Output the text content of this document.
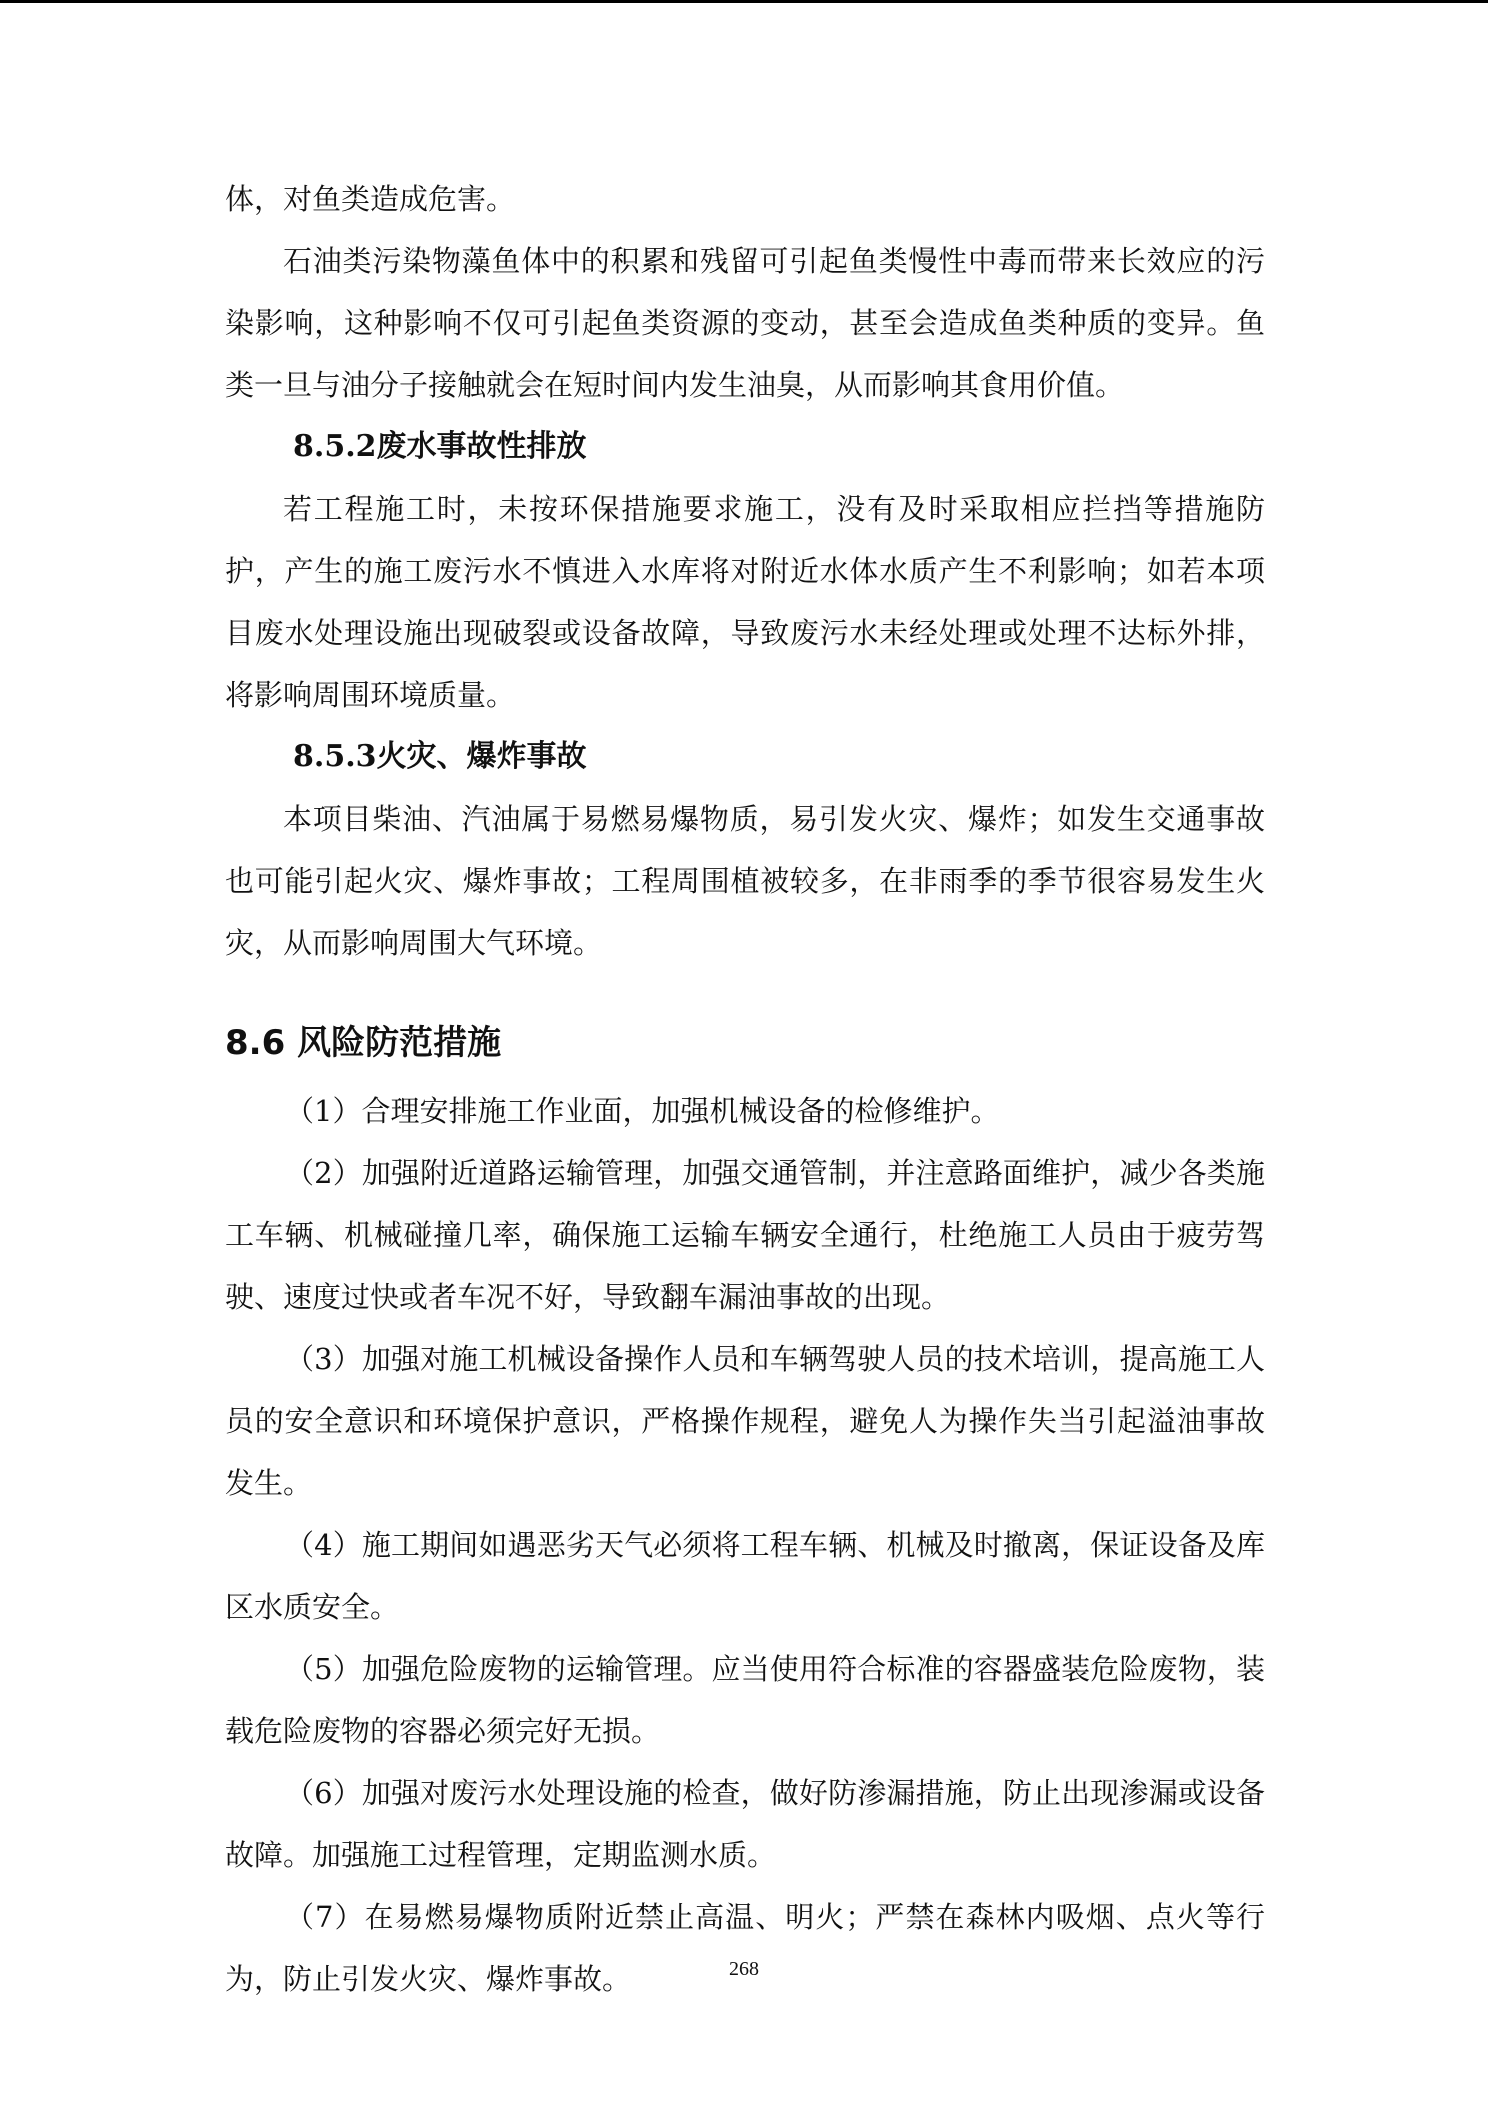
体，对鱼类造成危害。

石油类污染物藻鱼体中的积累和残留可引起鱼类慢性中毒而带来长效应的污染影响，这种影响不仅可引起鱼类资源的变动，甚至会造成鱼类种质的变异。鱼类一旦与油分子接触就会在短时间内发生油臭，从而影响其食用价值。

8.5.2废水事故性排放

若工程施工时，未按环保措施要求施工，没有及时采取相应拦挡等措施防护，产生的施工废污水不慎进入水库将对附近水体水质产生不利影响；如若本项目废水处理设施出现破裂或设备故障，导致废污水未经处理或处理不达标外排，将影响周围环境质量。

8.5.3火灾、爆炸事故

本项目柴油、汽油属于易燃易爆物质，易引发火灾、爆炸；如发生交通事故也可能引起火灾、爆炸事故；工程周围植被较多，在非雨季的季节很容易发生火灾，从而影响周围大气环境。

8.6 风险防范措施

（1）合理安排施工作业面，加强机械设备的检修维护。

（2）加强附近道路运输管理，加强交通管制，并注意路面维护，减少各类施工车辆、机械碰撞几率，确保施工运输车辆安全通行，杜绝施工人员由于疲劳驾驶、速度过快或者车况不好，导致翻车漏油事故的出现。

（3）加强对施工机械设备操作人员和车辆驾驶人员的技术培训，提高施工人员的安全意识和环境保护意识，严格操作规程，避免人为操作失当引起溢油事故发生。

（4）施工期间如遇恶劣天气必须将工程车辆、机械及时撤离，保证设备及库区水质安全。

（5）加强危险废物的运输管理。应当使用符合标准的容器盛装危险废物，装载危险废物的容器必须完好无损。

（6）加强对废污水处理设施的检查，做好防渗漏措施，防止出现渗漏或设备故障。加强施工过程管理，定期监测水质。

（7）在易燃易爆物质附近禁止高温、明火；严禁在森林内吸烟、点火等行为，防止引发火灾、爆炸事故。	268
